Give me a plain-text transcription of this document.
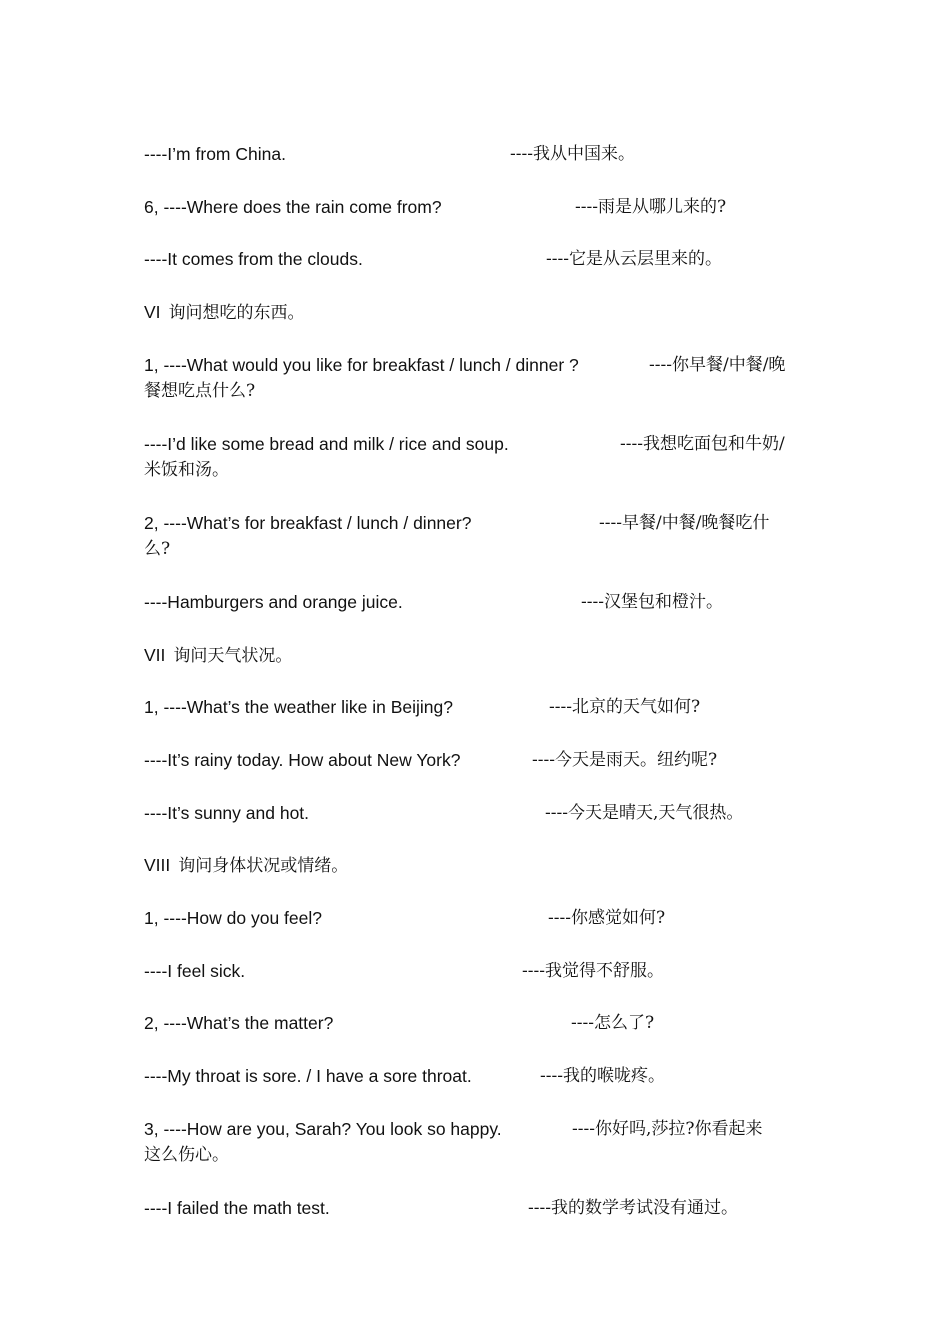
----I’m from China.	----我从中国来。
6, ----Where does the rain come from?	----雨是从哪儿来的?
----It comes from the clouds.	----它是从云层里来的。
VI 询问想吃的东西。
1, ----What would you like for breakfast / lunch / dinner ?	----你早餐/中餐/晚
餐想吃点什么?
----I’d like some bread and milk / rice and soup.	----我想吃面包和牛奶/
米饭和汤。
2, ----What’s for breakfast / lunch / dinner?	----早餐/中餐/晚餐吃什
么?
----Hamburgers and orange juice.	----汉堡包和橙汁。
VII 询问天气状况。
1, ----What’s the weather like in Beijing?	----北京的天气如何?
----It’s rainy today. How about New York?	----今天是雨天。纽约呢?
----It’s sunny and hot.	----今天是晴天,天气很热。
VIII 询问身体状况或情绪。
1, ----How do you feel?	----你感觉如何?
----I feel sick.	----我觉得不舒服。
2, ----What’s the matter?	----怎么了?
----My throat is sore. / I have a sore throat.	----我的喉咙疼。
3, ----How are you, Sarah? You look so happy.	----你好吗,莎拉?你看起来
这么伤心。
----I failed the math test.	----我的数学考试没有通过。
